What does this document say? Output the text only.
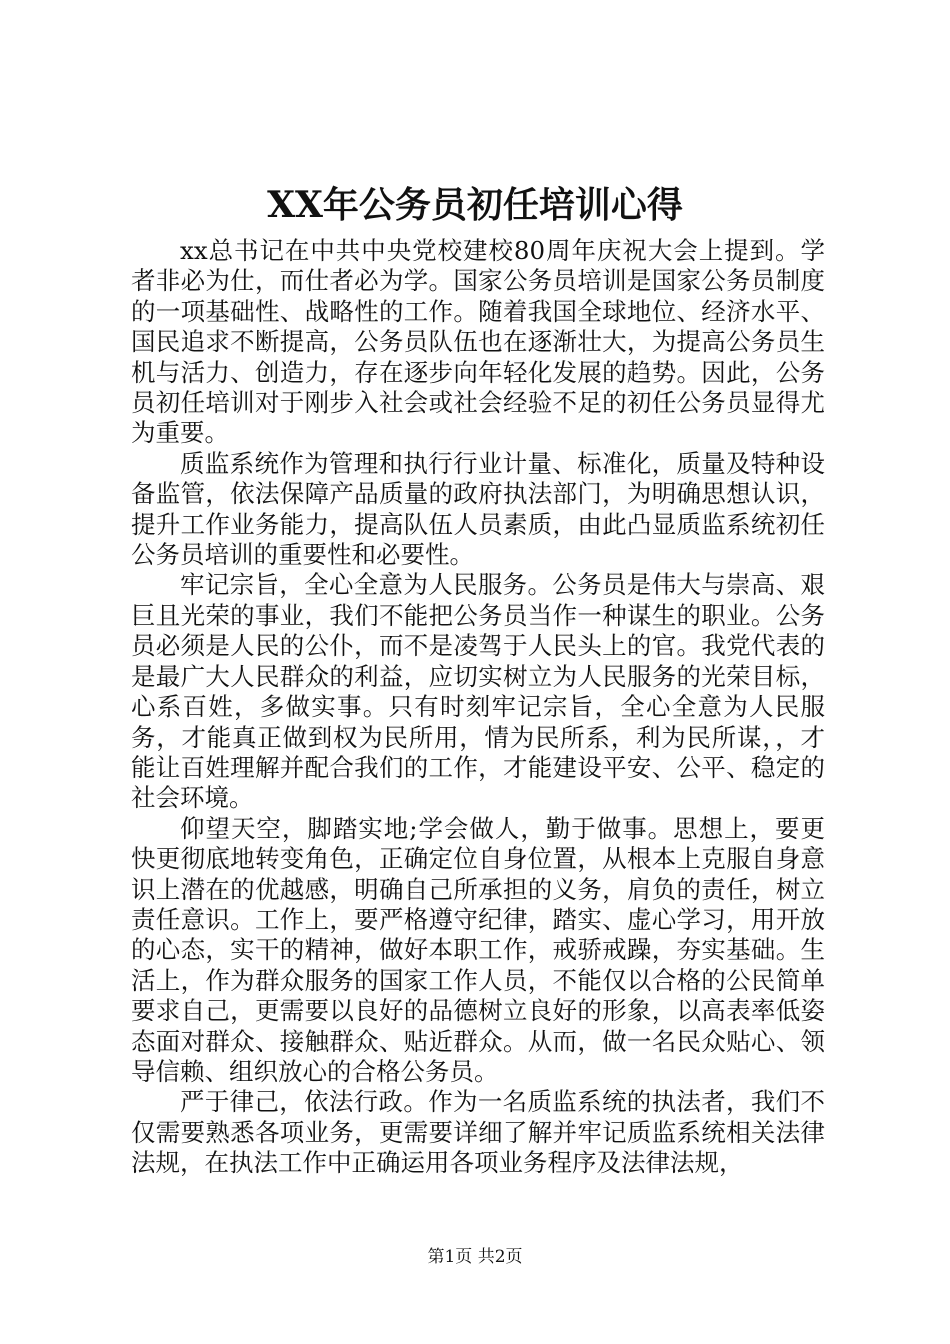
XX年公务员初任培训心得

xx总书记在中共中央党校建校80周年庆祝大会上提到。学者非必为仕，而仕者必为学。国家公务员培训是国家公务员制度的一项基础性、战略性的工作。随着我国全球地位、经济水平、国民追求不断提高，公务员队伍也在逐渐壮大，为提高公务员生机与活力、创造力，存在逐步向年轻化发展的趋势。因此，公务员初任培训对于刚步入社会或社会经验不足的初任公务员显得尤为重要。

质监系统作为管理和执行行业计量、标准化，质量及特种设备监管，依法保障产品质量的政府执法部门，为明确思想认识，提升工作业务能力，提高队伍人员素质，由此凸显质监系统初任公务员培训的重要性和必要性。

牢记宗旨，全心全意为人民服务。公务员是伟大与崇高、艰巨且光荣的事业，我们不能把公务员当作一种谋生的职业。公务员必须是人民的公仆，而不是凌驾于人民头上的官。我党代表的是最广大人民群众的利益，应切实树立为人民服务的光荣目标，心系百姓，多做实事。只有时刻牢记宗旨，全心全意为人民服务，才能真正做到权为民所用，情为民所系，利为民所谋，，才能让百姓理解并配合我们的工作，才能建设平安、公平、稳定的社会环境。

仰望天空，脚踏实地;学会做人，勤于做事。思想上，要更快更彻底地转变角色，正确定位自身位置，从根本上克服自身意识上潜在的优越感，明确自己所承担的义务，肩负的责任，树立责任意识。工作上，要严格遵守纪律，踏实、虚心学习，用开放的心态，实干的精神，做好本职工作，戒骄戒躁，夯实基础。生活上，作为群众服务的国家工作人员，不能仅以合格的公民简单要求自己，更需要以良好的品德树立良好的形象，以高表率低姿态面对群众、接触群众、贴近群众。从而，做一名民众贴心、领导信赖、组织放心的合格公务员。

严于律己，依法行政。作为一名质监系统的执法者，我们不仅需要熟悉各项业务，更需要详细了解并牢记质监系统相关法律法规，在执法工作中正确运用各项业务程序及法律法规，

第1页 共2页
